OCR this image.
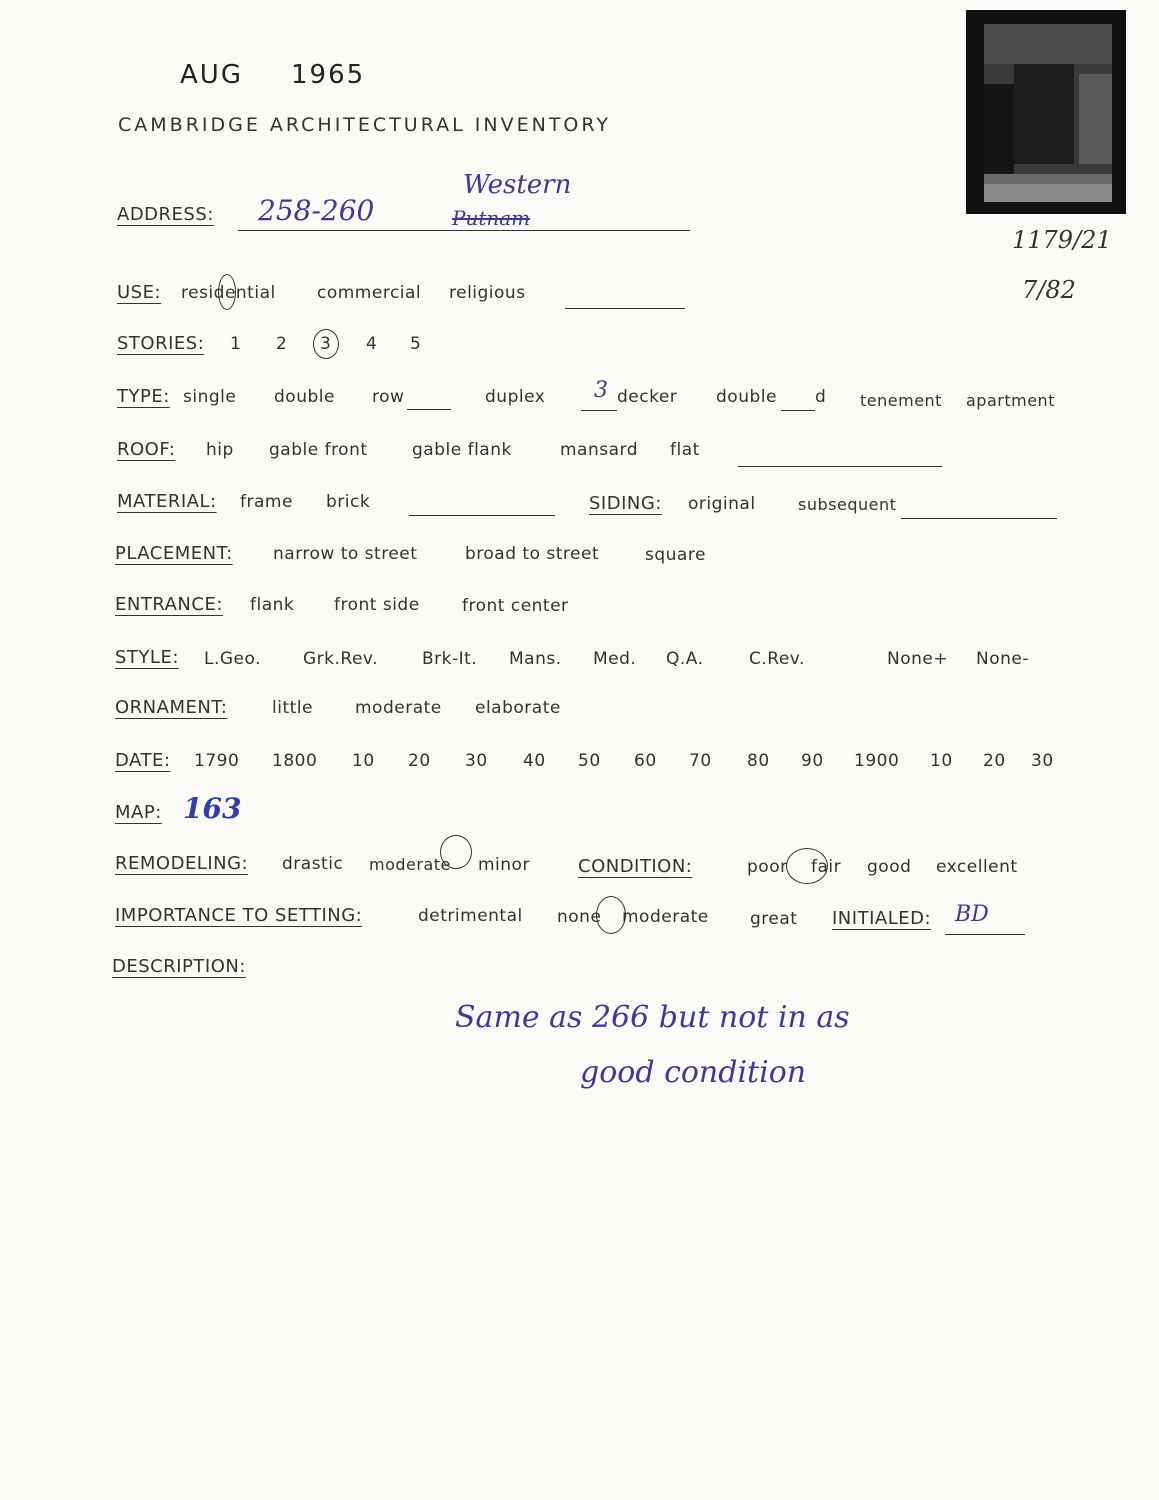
AUG 1965
CAMBRIDGE ARCHITECTURAL INVENTORY
1179/21
7/82
ADDRESS: 258-260
Western
Putnam
USE: residential commercial religious
STORIES: 1 2 3 4 5
TYPE: single double row	duplex 3 decker double d tenement apartment
ROOF: hip gable front	gable flank	mansard flat
MATERIAL: frame brick	SIDING: original	subsequent
PLACEMENT: narrow to street	broad to street	square
ENTRANCE: flank front side front center
STYLE: L.Geo. Grk.Rev.	Brk-It. Mans. Med. Q.A.	C.Rev.	None+ None-
ORNAMENT:	little moderate elaborate
DATE: 1790 1800 10 20 30 40 50 60 70 80 90 1900 10 20 30
MAP: 163
REMODELING: drastic moderate minor	CONDITION:	poor fair good excellent
IMPORTANCE TO SETTING:	detrimental none moderate great INITIALED: BD
DESCRIPTION:
Same as 266 but not in as
good condition
